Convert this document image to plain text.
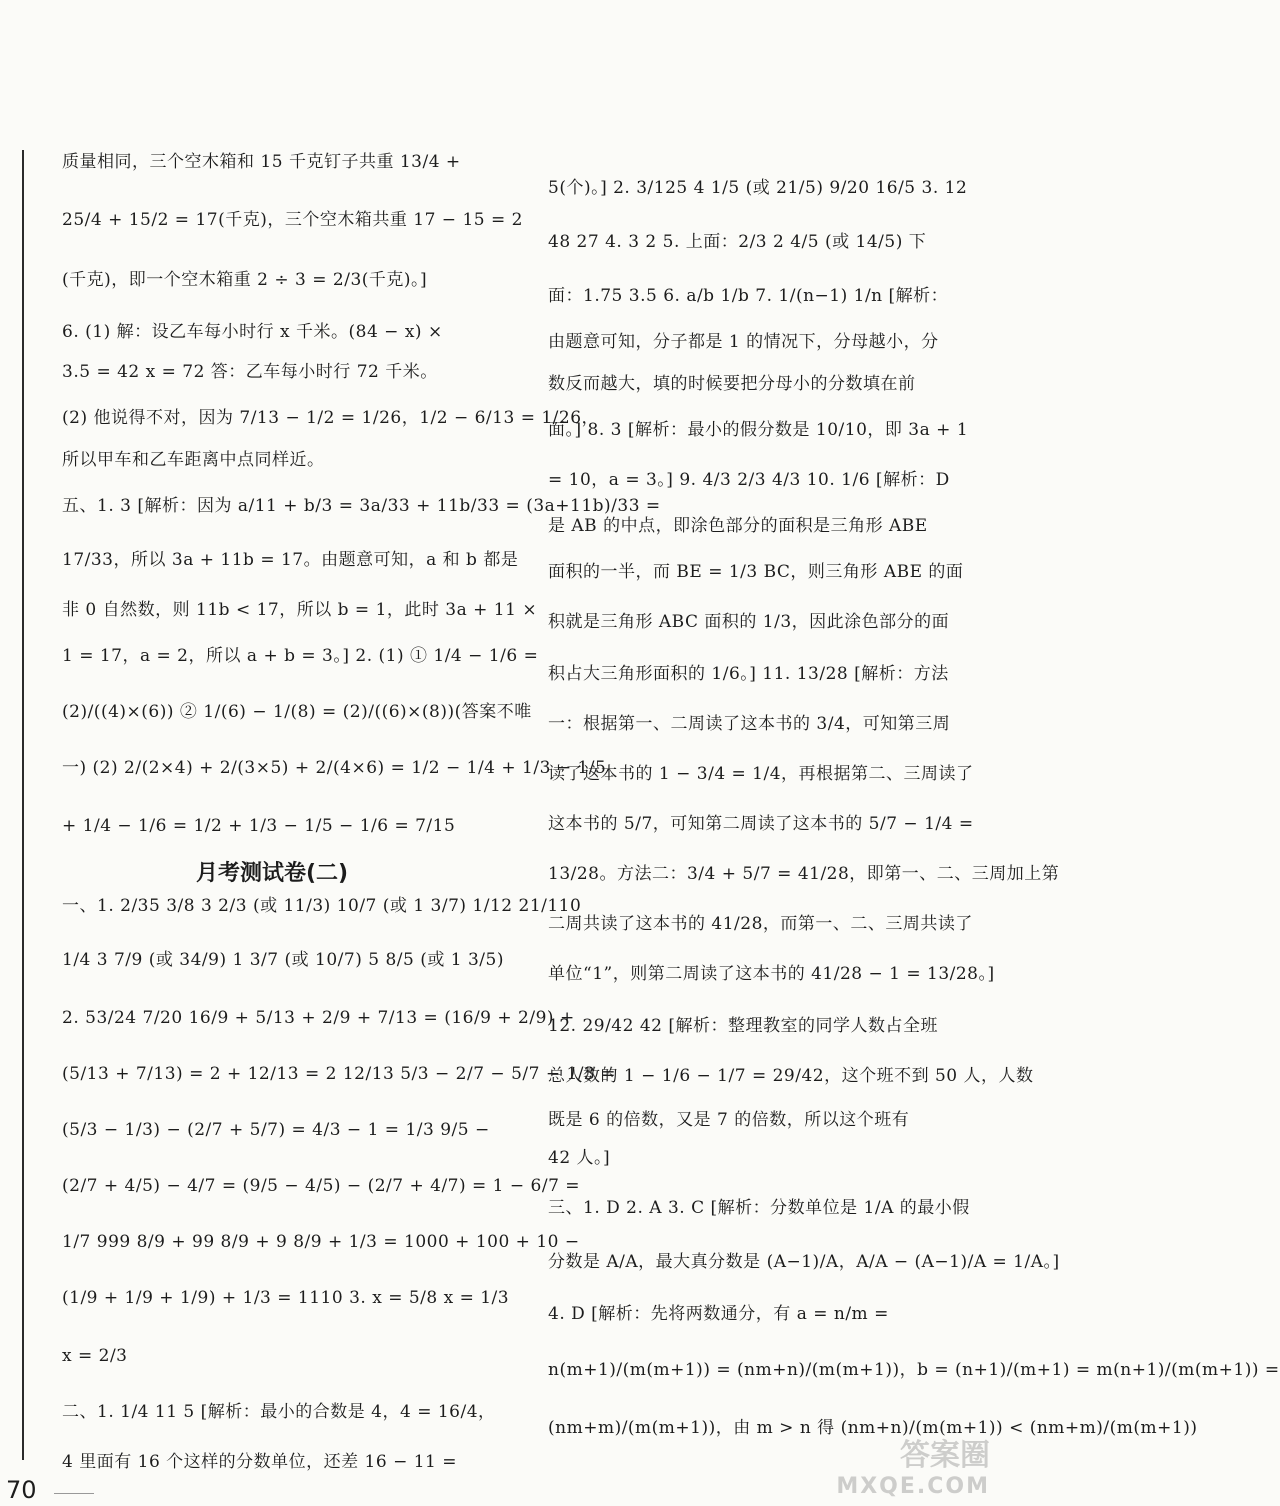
质量相同，三个空木箱和 15 千克钉子共重 13/4 +
25/4 + 15/2 = 17(千克)，三个空木箱共重 17 − 15 = 2
(千克)，即一个空木箱重 2 ÷ 3 = 2/3(千克)。]
6. (1) 解：设乙车每小时行 x 千米。(84 − x) ×
3.5 = 42 x = 72 答：乙车每小时行 72 千米。
(2) 他说得不对，因为 7/13 − 1/2 = 1/26，1/2 − 6/13 = 1/26，
所以甲车和乙车距离中点同样近。
五、1. 3 [解析：因为 a/11 + b/3 = 3a/33 + 11b/33 = (3a+11b)/33 =
17/33，所以 3a + 11b = 17。由题意可知，a 和 b 都是
非 0 自然数，则 11b < 17，所以 b = 1，此时 3a + 11 ×
1 = 17，a = 2，所以 a + b = 3。] 2. (1) ① 1/4 − 1/6 =
(2)/((4)×(6)) ② 1/(6) − 1/(8) = (2)/((6)×(8))(答案不唯
一) (2) 2/(2×4) + 2/(3×5) + 2/(4×6) = 1/2 − 1/4 + 1/3 − 1/5
+ 1/4 − 1/6 = 1/2 + 1/3 − 1/5 − 1/6 = 7/15
月考测试卷(二)
一、1. 2/35 3/8 3 2/3 (或 11/3) 10/7 (或 1 3/7) 1/12 21/110
1/4 3 7/9 (或 34/9) 1 3/7 (或 10/7) 5 8/5 (或 1 3/5)
2. 53/24 7/20 16/9 + 5/13 + 2/9 + 7/13 = (16/9 + 2/9) +
(5/13 + 7/13) = 2 + 12/13 = 2 12/13 5/3 − 2/7 − 5/7 − 1/3 =
(5/3 − 1/3) − (2/7 + 5/7) = 4/3 − 1 = 1/3 9/5 −
(2/7 + 4/5) − 4/7 = (9/5 − 4/5) − (2/7 + 4/7) = 1 − 6/7 =
1/7 999 8/9 + 99 8/9 + 9 8/9 + 1/3 = 1000 + 100 + 10 −
(1/9 + 1/9 + 1/9) + 1/3 = 1110 3. x = 5/8 x = 1/3
x = 2/3
二、1. 1/4 11 5 [解析：最小的合数是 4，4 = 16/4，
4 里面有 16 个这样的分数单位，还差 16 − 11 =
5(个)。] 2. 3/125 4 1/5 (或 21/5) 9/20 16/5 3. 12
48 27 4. 3 2 5. 上面：2/3 2 4/5 (或 14/5) 下
面：1.75 3.5 6. a/b 1/b 7. 1/(n−1) 1/n [解析：
由题意可知，分子都是 1 的情况下，分母越小，分
数反而越大，填的时候要把分母小的分数填在前
面。] 8. 3 [解析：最小的假分数是 10/10，即 3a + 1
= 10，a = 3。] 9. 4/3 2/3 4/3 10. 1/6 [解析：D
是 AB 的中点，即涂色部分的面积是三角形 ABE
面积的一半，而 BE = 1/3 BC，则三角形 ABE 的面
积就是三角形 ABC 面积的 1/3，因此涂色部分的面
积占大三角形面积的 1/6。] 11. 13/28 [解析：方法
一：根据第一、二周读了这本书的 3/4，可知第三周
读了这本书的 1 − 3/4 = 1/4，再根据第二、三周读了
这本书的 5/7，可知第二周读了这本书的 5/7 − 1/4 =
13/28。方法二：3/4 + 5/7 = 41/28，即第一、二、三周加上第
二周共读了这本书的 41/28，而第一、二、三周共读了
单位“1”，则第二周读了这本书的 41/28 − 1 = 13/28。]
12. 29/42 42 [解析：整理教室的同学人数占全班
总人数的 1 − 1/6 − 1/7 = 29/42，这个班不到 50 人，人数
既是 6 的倍数，又是 7 的倍数，所以这个班有
42 人。]
三、1. D 2. A 3. C [解析：分数单位是 1/A 的最小假
分数是 A/A，最大真分数是 (A−1)/A，A/A − (A−1)/A = 1/A。]
4. D [解析：先将两数通分，有 a = n/m =
n(m+1)/(m(m+1)) = (nm+n)/(m(m+1))，b = (n+1)/(m+1) = m(n+1)/(m(m+1)) =
(nm+m)/(m(m+1))，由 m > n 得 (nm+n)/(m(m+1)) < (nm+m)/(m(m+1))
70
答案圈
MXQE.COM
